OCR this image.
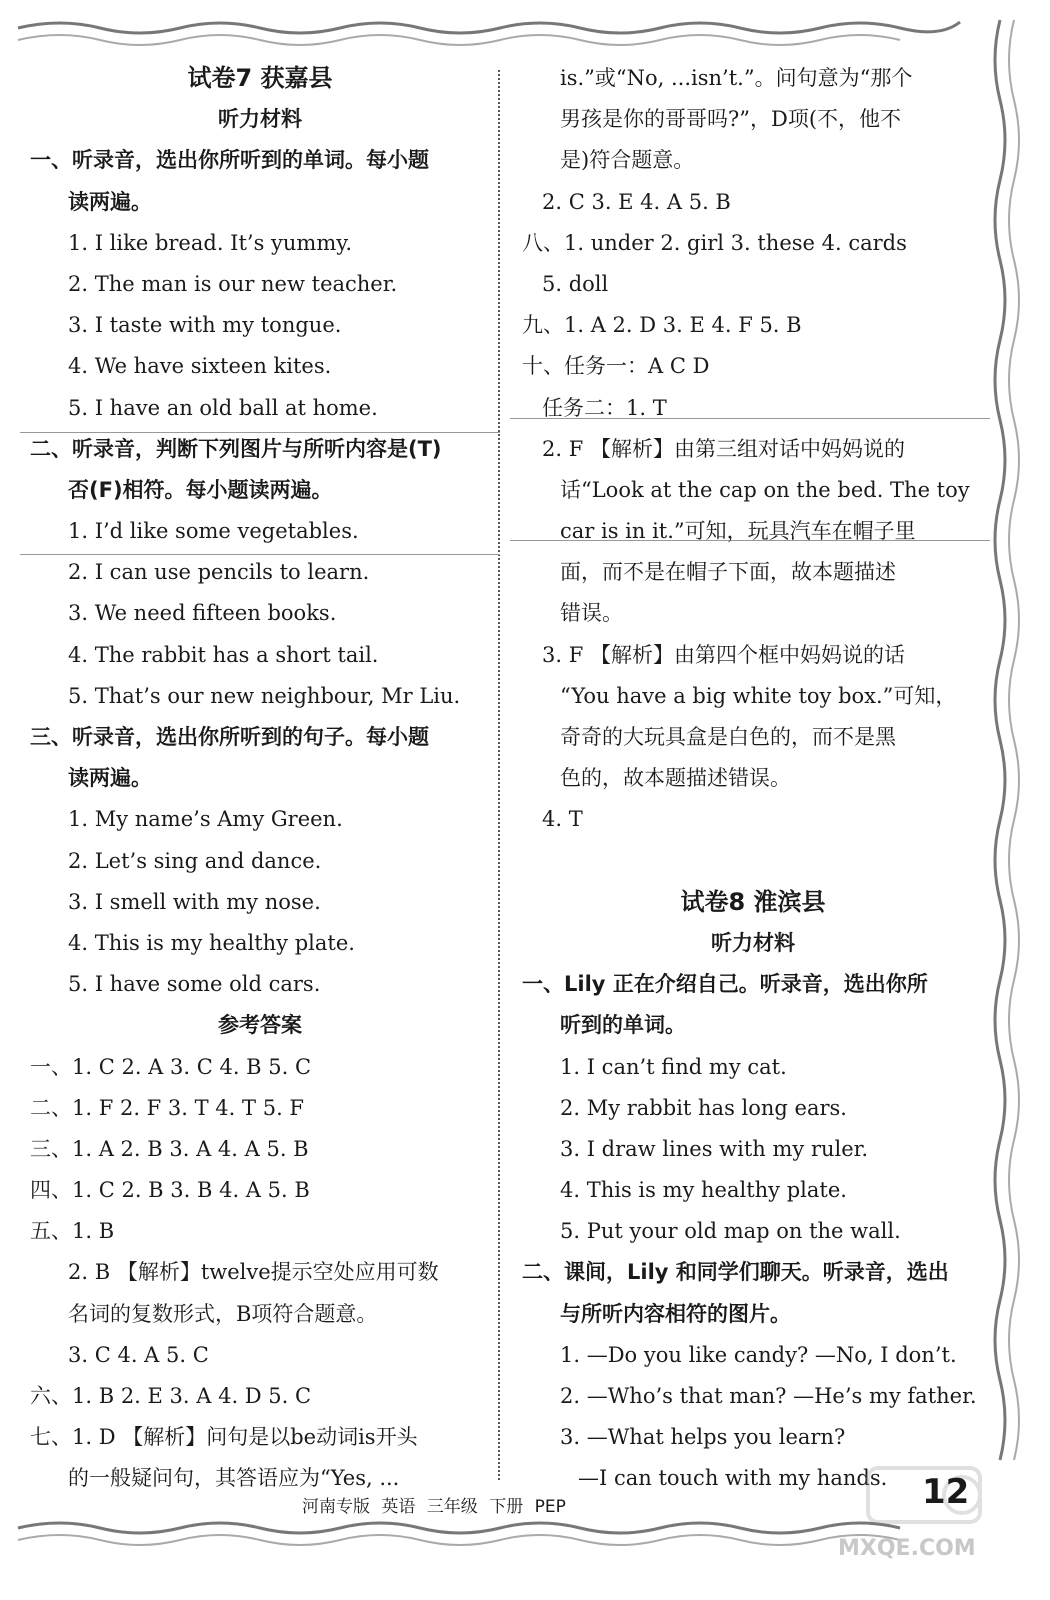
试卷7 获嘉县
听力材料
一、听录音，选出你所听到的单词。每小题
读两遍。
1. I like bread. It’s yummy.
2. The man is our new teacher.
3. I taste with my tongue.
4. We have sixteen kites.
5. I have an old ball at home.
二、听录音，判断下列图片与所听内容是(T)
否(F)相符。每小题读两遍。
1. I’d like some vegetables.
2. I can use pencils to learn.
3. We need fifteen books.
4. The rabbit has a short tail.
5. That’s our new neighbour, Mr Liu.
三、听录音，选出你所听到的句子。每小题
读两遍。
1. My name’s Amy Green.
2. Let’s sing and dance.
3. I smell with my nose.
4. This is my healthy plate.
5. I have some old cars.
参考答案
一、1. C 2. A 3. C 4. B 5. C
二、1. F 2. F 3. T 4. T 5. F
三、1. A 2. B 3. A 4. A 5. B
四、1. C 2. B 3. B 4. A 5. B
五、1. B
2. B 【解析】twelve提示空处应用可数
名词的复数形式，B项符合题意。
3. C 4. A 5. C
六、1. B 2. E 3. A 4. D 5. C
七、1. D 【解析】问句是以be动词is开头
的一般疑问句，其答语应为“Yes, ...
is.”或“No, ...isn’t.”。问句意为“那个
男孩是你的哥哥吗?”，D项(不，他不
是)符合题意。
2. C 3. E 4. A 5. B
八、1. under 2. girl 3. these 4. cards
5. doll
九、1. A 2. D 3. E 4. F 5. B
十、任务一：A C D
任务二：1. T
2. F 【解析】由第三组对话中妈妈说的
话“Look at the cap on the bed. The toy
car is in it.”可知，玩具汽车在帽子里
面，而不是在帽子下面，故本题描述
错误。
3. F 【解析】由第四个框中妈妈说的话
“You have a big white toy box.”可知，
奇奇的大玩具盒是白色的，而不是黑
色的，故本题描述错误。
4. T
试卷8 淮滨县
听力材料
一、Lily 正在介绍自己。听录音，选出你所
听到的单词。
1. I can’t find my cat.
2. My rabbit has long ears.
3. I draw lines with my ruler.
4. This is my healthy plate.
5. Put your old map on the wall.
二、课间，Lily 和同学们聊天。听录音，选出
与所听内容相符的图片。
1. —Do you like candy? —No, I don’t.
2. —Who’s that man? —He’s my father.
3. —What helps you learn?
—I can touch with my hands.
河南专版 英语 三年级 下册 PEP	12
MXQE.COM
